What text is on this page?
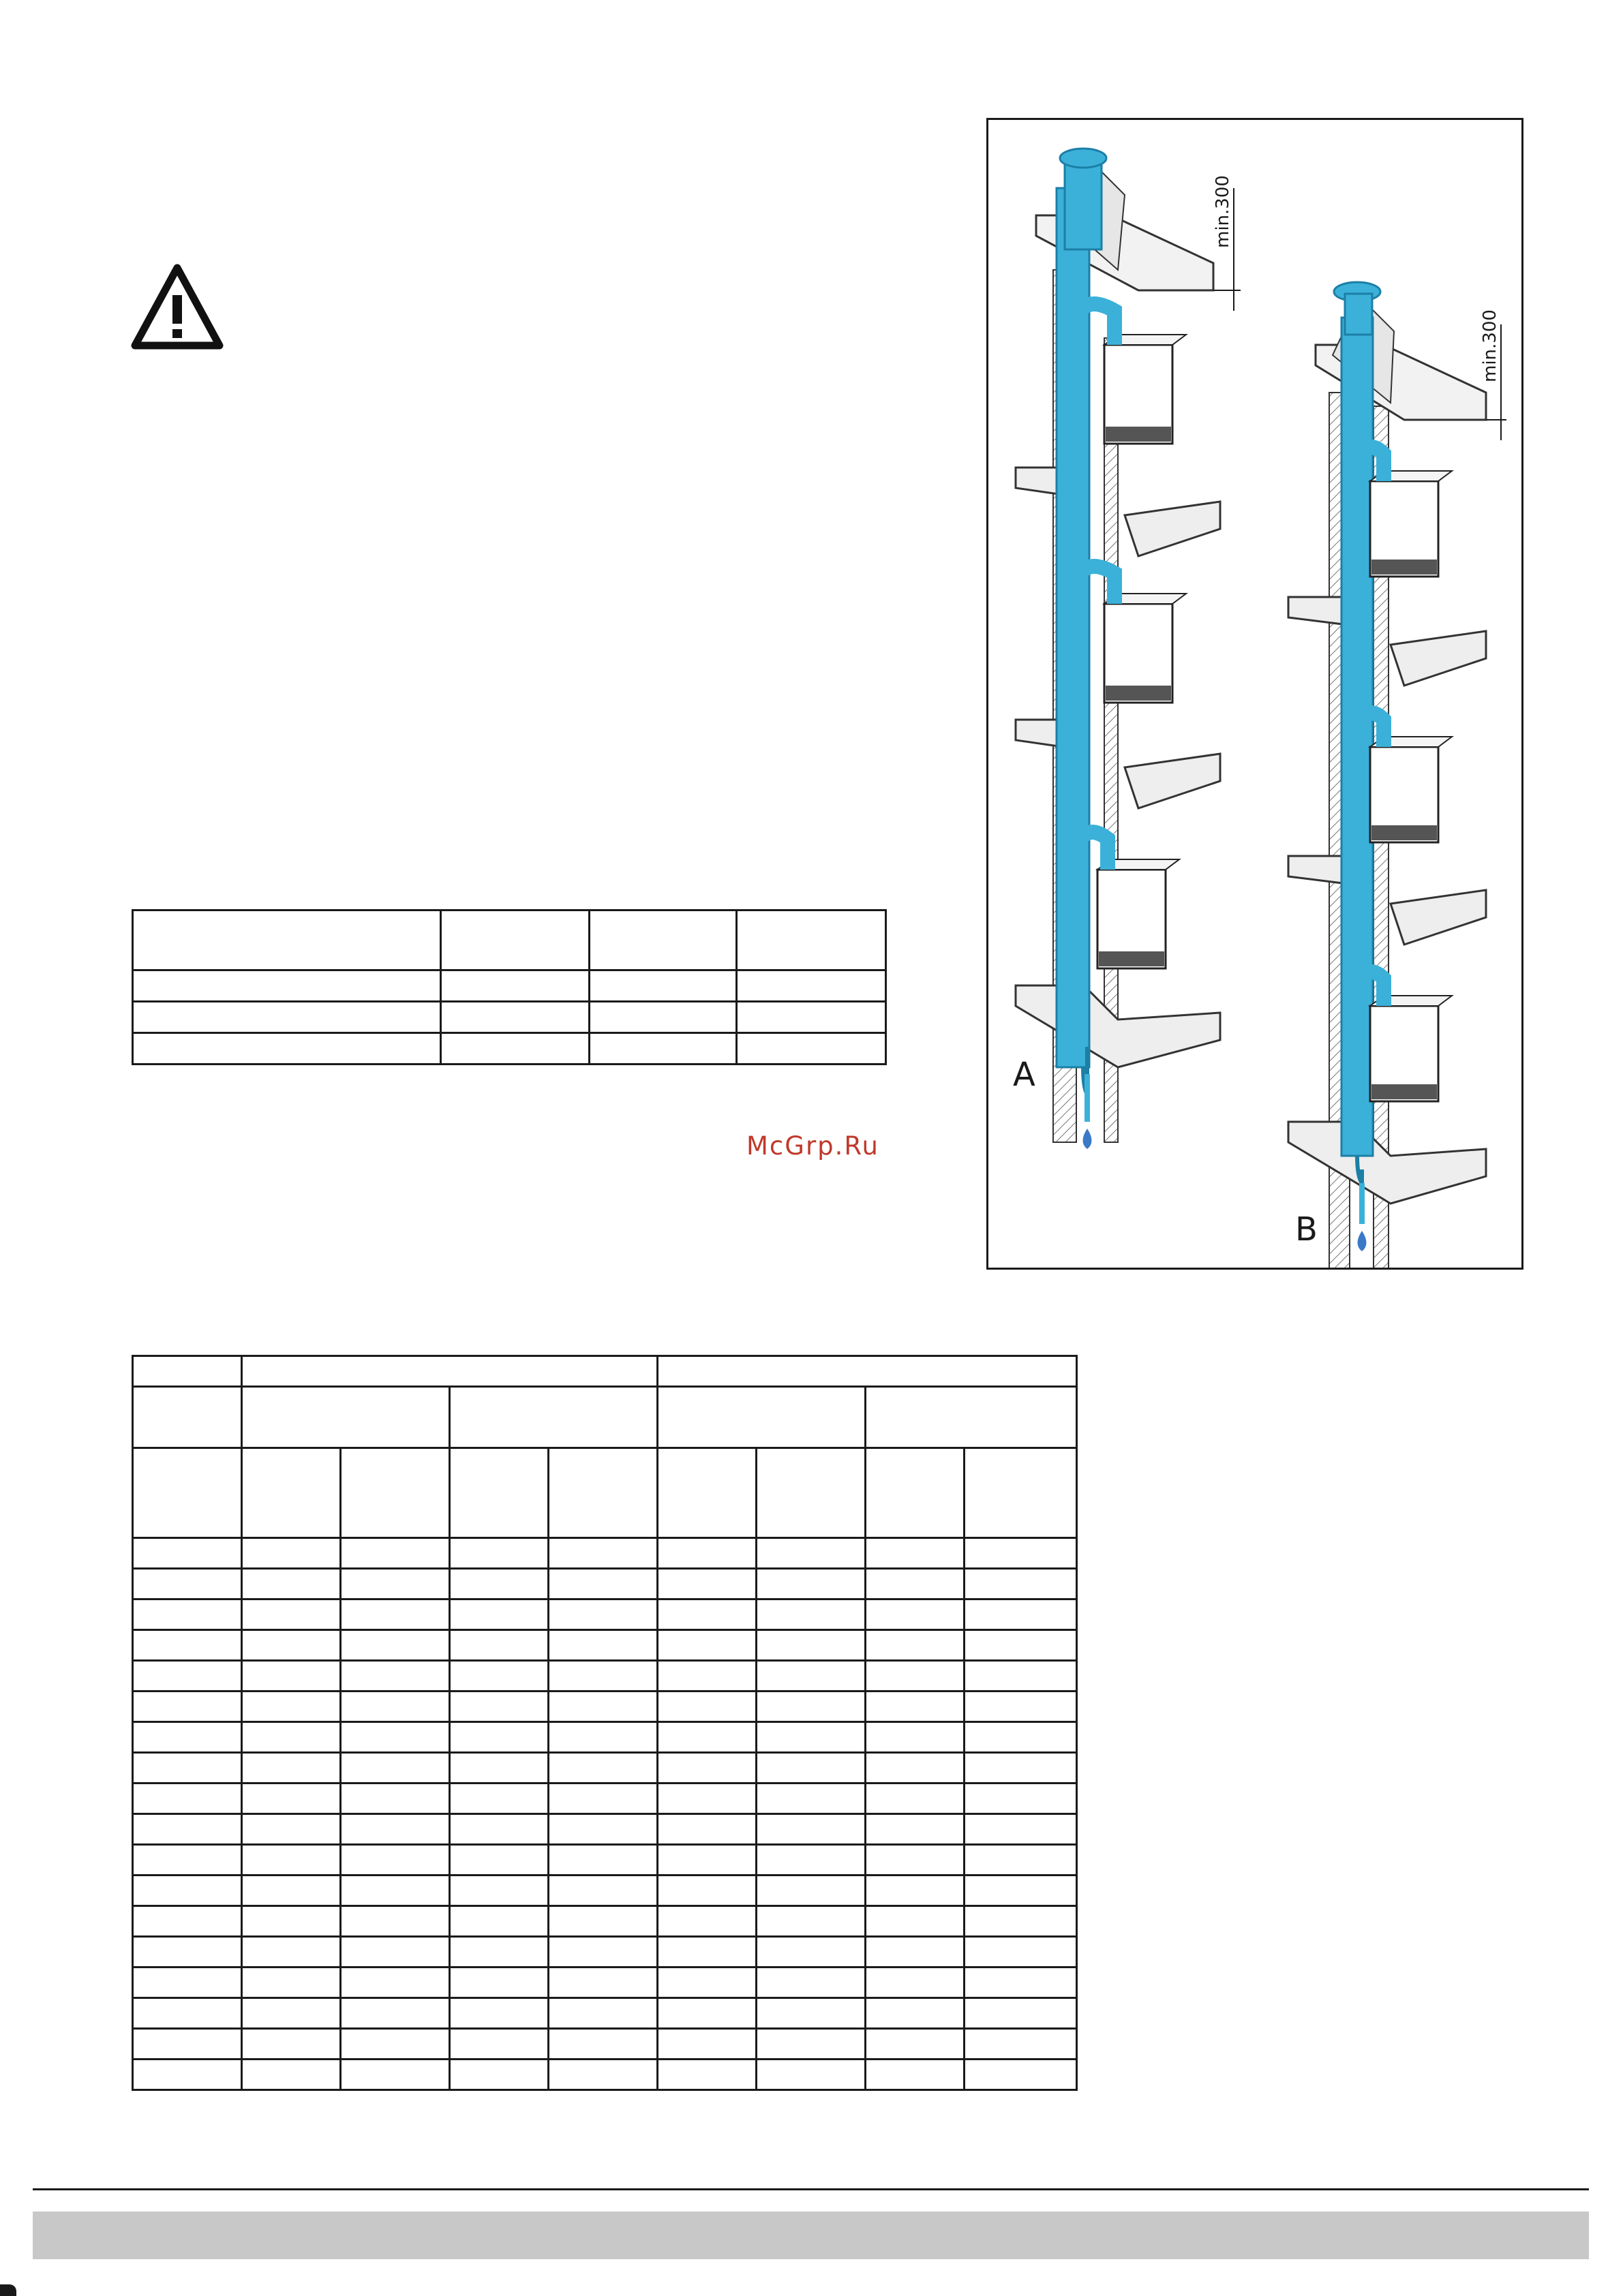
McGrp.Ru
min.300
min.300
A
B
